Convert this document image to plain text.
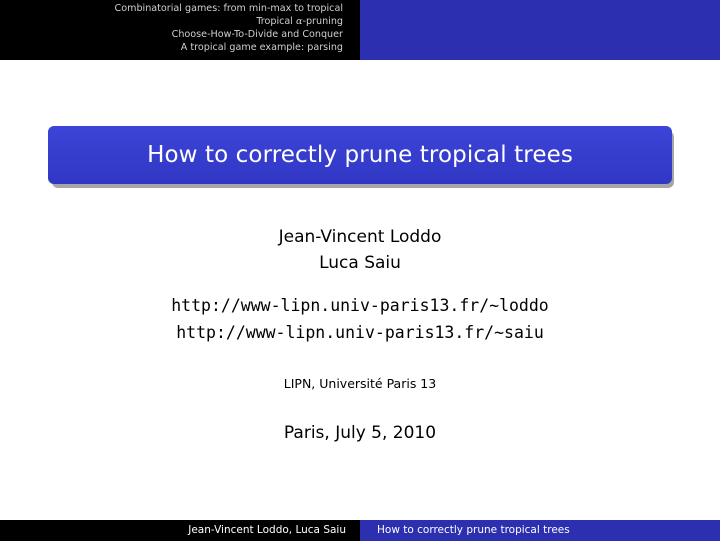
Combinatorial games: from min-max to tropical
Tropical α-pruning
Choose-How-To-Divide and Conquer
A tropical game example: parsing
How to correctly prune tropical trees
Jean-Vincent Loddo
Luca Saiu
http://www-lipn.univ-paris13.fr/~loddo
http://www-lipn.univ-paris13.fr/~saiu
LIPN, Université Paris 13
Paris, July 5, 2010
Jean-Vincent Loddo, Luca Saiu	How to correctly prune tropical trees
